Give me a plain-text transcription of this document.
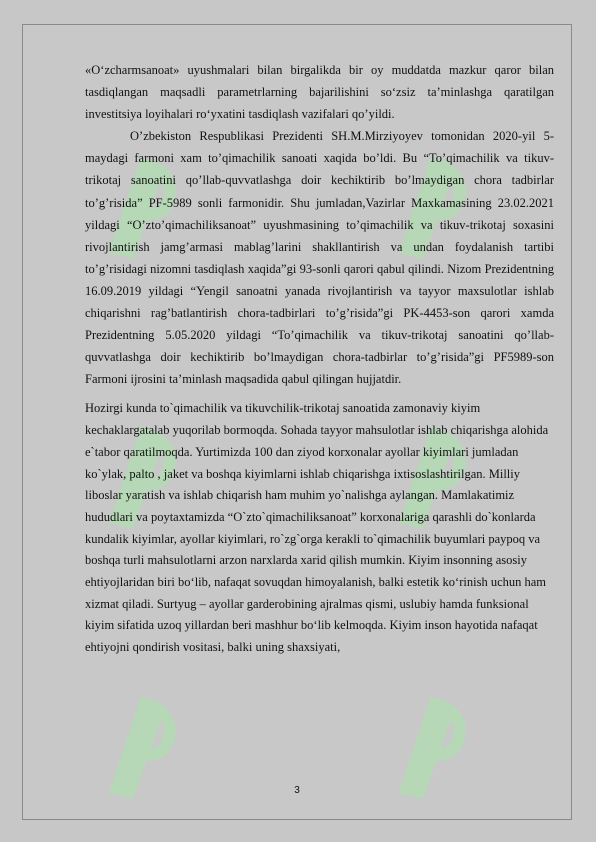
«O‘zcharmsanoat» uyushmalari bilan birgalikda bir oy muddatda mazkur qaror bilan tasdiqlangan maqsadli parametrlarning bajarilishini so‘zsiz ta’minlashga qaratilgan investitsiya loyihalari ro‘yxatini tasdiqlash vazifalari qo’yildi.

O’zbekiston Respublikasi Prezidenti SH.M.Mirziyoyev tomonidan 2020-yil 5-maydagi farmoni xam to’qimachilik sanoati xaqida bo’ldi. Bu “To’qimachilik va tikuv-trikotaj sanoatini qo’llab-quvvatlashga doir kechiktirib bo’lmaydigan chora tadbirlar to’g’risida” PF-5989 sonli farmonidir. Shu jumladan,Vazirlar Maxkamasining 23.02.2021 yildagi “O’zto’qimachiliksanoat” uyushmasining to’qimachilik va tikuv-trikotaj soxasini rivojlantirish jamg’armasi mablag’larini shakllantirish va undan foydalanish tartibi to’g’risidagi nizomni tasdiqlash xaqida”gi 93-sonli qarori qabul qilindi. Nizom Prezidentning 16.09.2019 yildagi “Yengil sanoatni yanada rivojlantirish va tayyor maxsulotlar ishlab chiqarishni rag’batlantirish chora-tadbirlari to’g’risida”gi PK-4453-son qarori xamda Prezidentning 5.05.2020 yildagi “To’qimachilik va tikuv-trikotaj sanoatini qo’llab-quvvatlashga doir kechiktirib bo’lmaydigan chora-tadbirlar to’g’risida”gi PF5989-son Farmoni ijrosini ta’minlash maqsadida qabul qilingan hujjatdir.

Hozirgi kunda to`qimachilik va tikuvchilik-trikotaj sanoatida zamonaviy kiyim kechaklargatalab yuqorilab bormoqda. Sohada tayyor mahsulotlar ishlab chiqarishga alohida e`tabor qaratilmoqda. Yurtimizda 100 dan ziyod korxonalar ayollar kiyimlari jumladan ko`ylak, palto , jaket va boshqa kiyimlarni ishlab chiqarishga ixtisoslashtirilgan. Milliy liboslar yaratish va ishlab chiqarish ham muhim yo`nalishga aylangan. Mamlakatimiz hududlari va poytaxtamizda “O`zto`qimachiliksanoat” korxonalariga qarashli do`konlarda kundalik kiyimlar, ayollar kiyimlari, ro`zg`orga kerakli to`qimachilik buyumlari paypoq va boshqa turli mahsulotlarni arzon narxlarda xarid qilish mumkin. Kiyim insonning asosiy ehtiyojlaridan biri bo‘lib, nafaqat sovuqdan himoyalanish, balki estetik ko‘rinish uchun ham xizmat qiladi. Surtyug – ayollar garderobining ajralmas qismi, uslubiy hamda funksional kiyim sifatida uzoq yillardan beri mashhur bo‘lib kelmoqda. Kiyim inson hayotida nafaqat ehtiyojni qondirish vositasi, balki uning shaxsiyati,

3
